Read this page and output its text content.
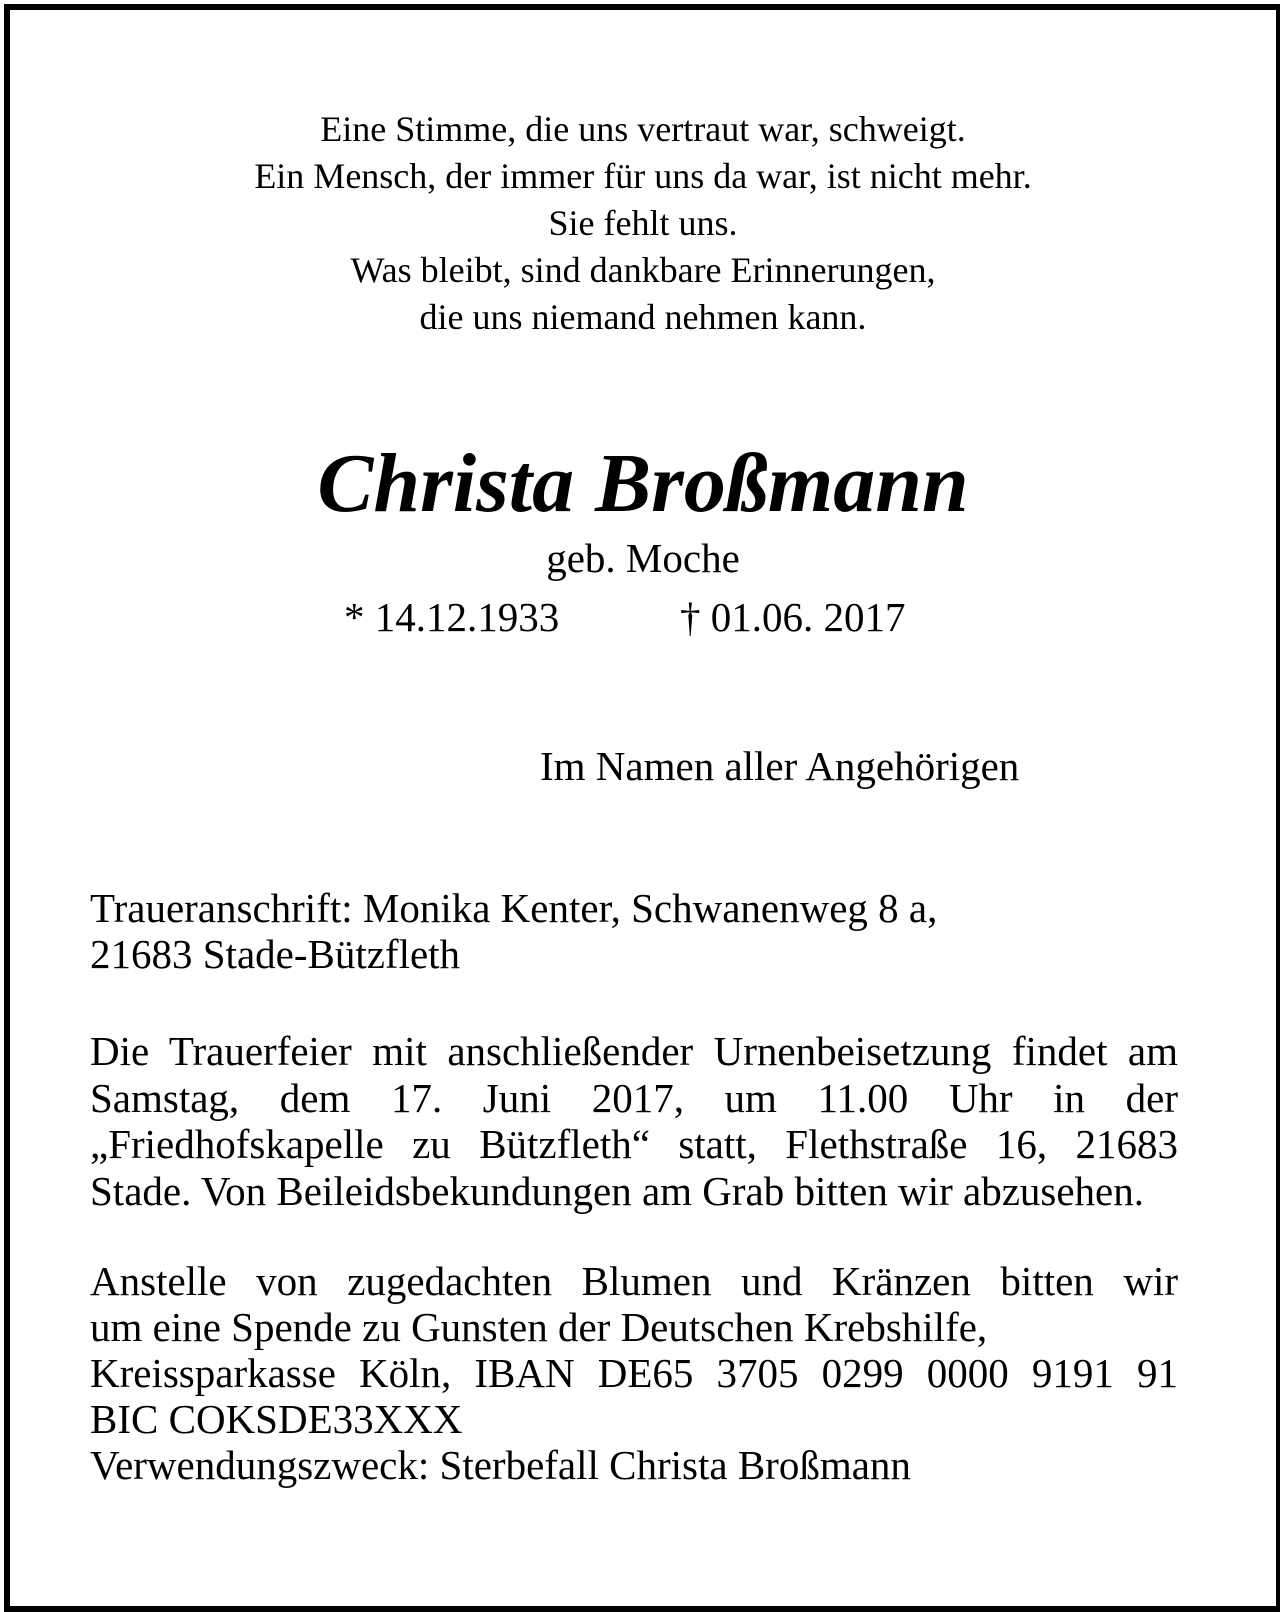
Eine Stimme, die uns vertraut war, schweigt.
Ein Mensch, der immer für uns da war, ist nicht mehr.
Sie fehlt uns.
Was bleibt, sind dankbare Erinnerungen,
die uns niemand nehmen kann.
Christa Broßmann
geb. Moche
* 14.12.1933	† 01.06. 2017
Im Namen aller Angehörigen
Traueranschrift: Monika Kenter, Schwanenweg 8 a,
21683 Stade-Bützfleth
Die Trauerfeier mit anschließender Urnenbeisetzung findet am Samstag, dem 17. Juni 2017, um 11.00 Uhr in der „Friedhofskapelle zu Bützfleth“ statt, Flethstraße 16, 21683 Stade. Von Beileidsbekundungen am Grab bitten wir abzusehen.
Anstelle von zugedachten Blumen und Kränzen bitten wir
um eine Spende zu Gunsten der Deutschen Krebshilfe,
Kreissparkasse Köln, IBAN DE65 3705 0299 0000 9191 91
BIC COKSDE33XXX
Verwendungszweck: Sterbefall Christa Broßmann
